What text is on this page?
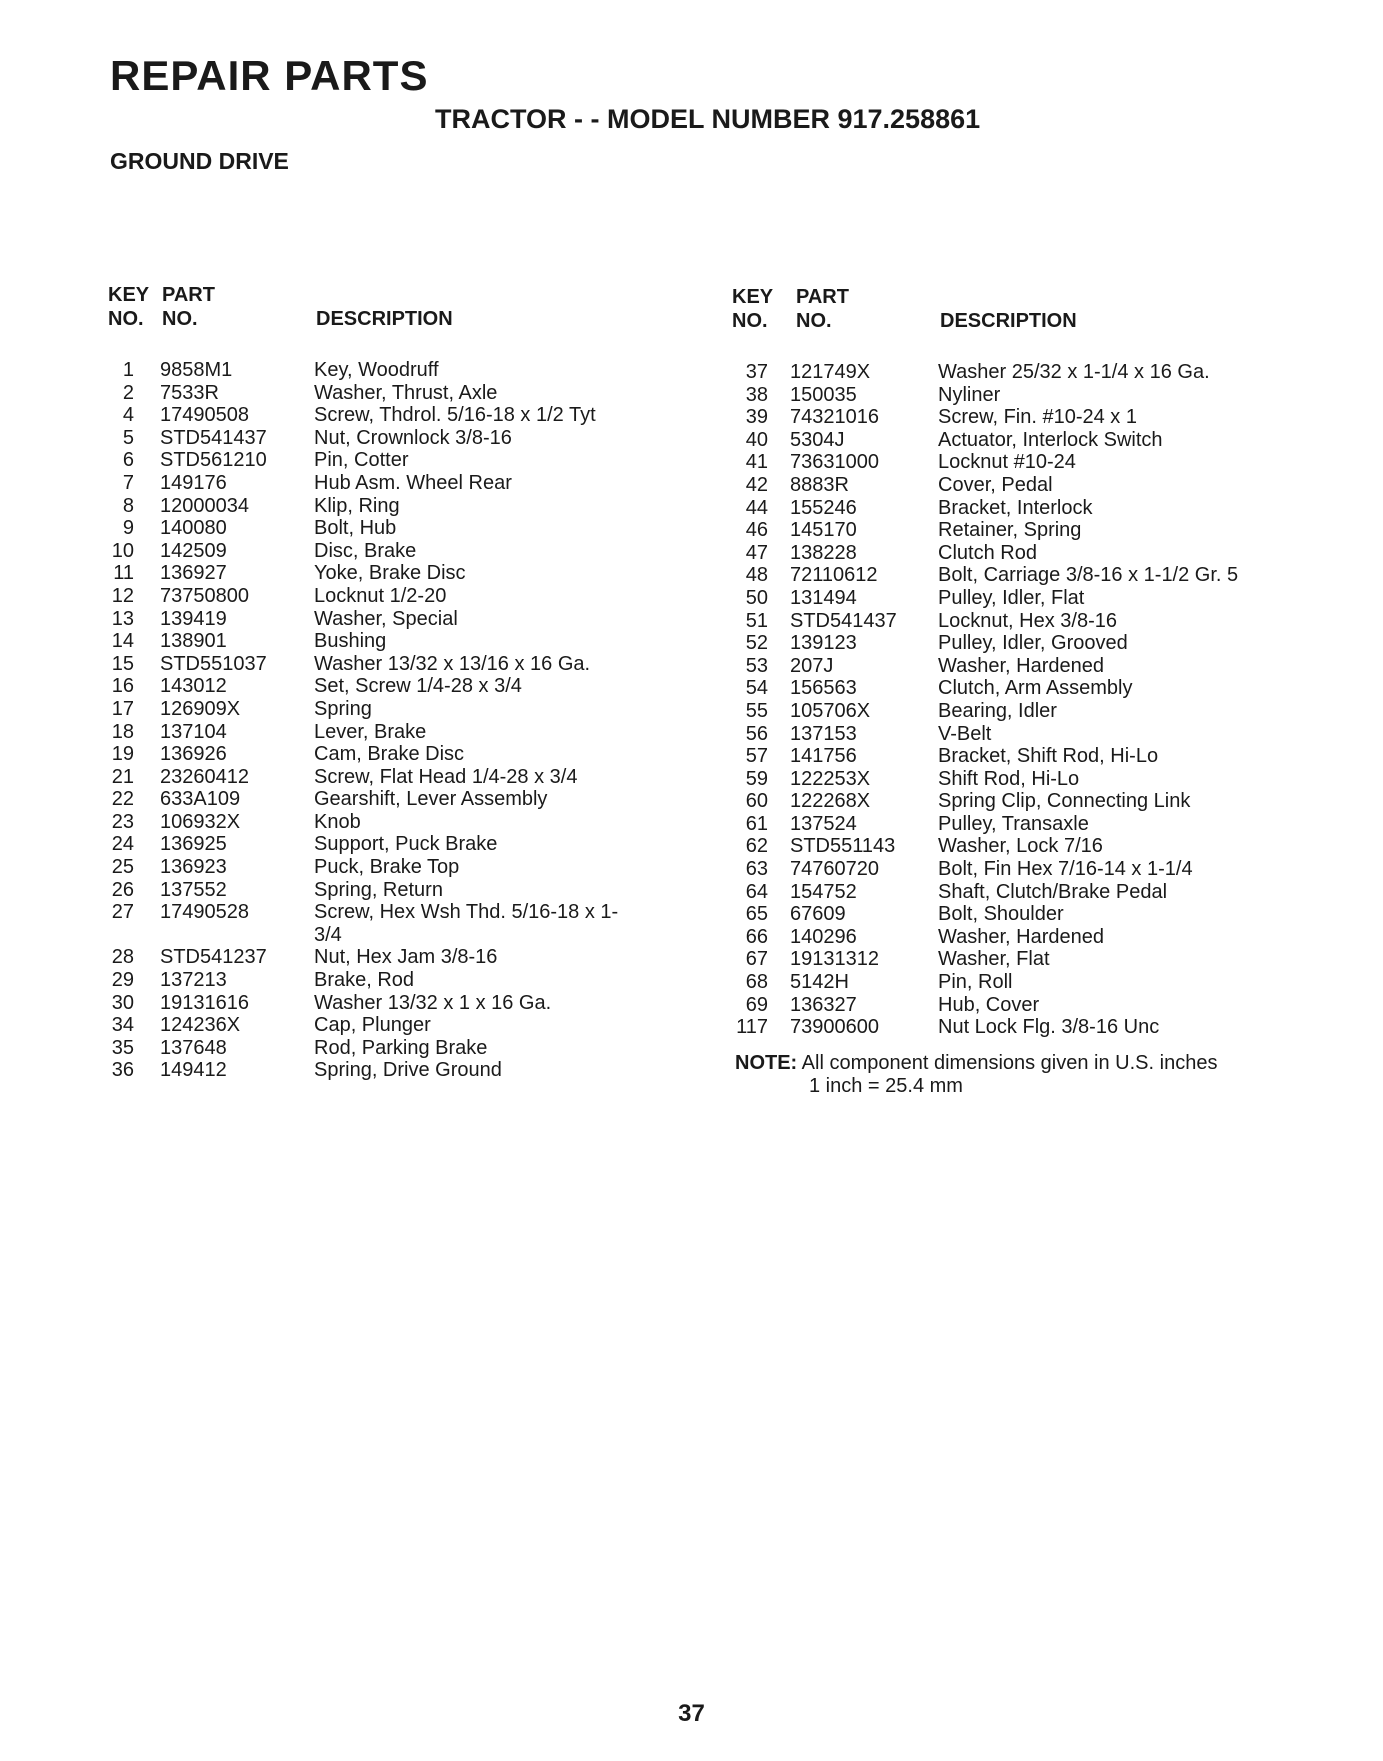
REPAIR PARTS
TRACTOR - - MODEL NUMBER 917.258861
GROUND DRIVE
KEY
NO.
PART
NO.	DESCRIPTION
1 9858M1	Key, Woodruff
2 7533R	Washer, Thrust, Axle
4 17490508	Screw, Thdrol. 5/16-18 x 1/2 Tyt
5 STD541437 Nut, Crownlock 3/8-16
6 STD561210 Pin, Cotter
7 149176	Hub Asm. Wheel Rear
8 12000034	Klip, Ring
9 140080	Bolt, Hub
10 142509	Disc, Brake
11 136927	Yoke, Brake Disc
12 73750800	Locknut 1/2-20
13 139419	Washer, Special
14 138901	Bushing
15 STD551037 Washer 13/32 x 13/16 x 16 Ga.
16 143012	Set, Screw 1/4-28 x 3/4
17 126909X	Spring
18 137104	Lever, Brake
19 136926	Cam, Brake Disc
21 23260412	Screw, Flat Head 1/4-28 x 3/4
22 633A109	Gearshift, Lever Assembly
23 106932X	Knob
24 136925	Support, Puck Brake
25 136923	Puck, Brake Top
26 137552	Spring, Return
27 17490528	Screw, Hex Wsh Thd. 5/16-18 x 1-
3/4
28 STD541237 Nut, Hex Jam 3/8-16
29 137213	Brake, Rod
30 19131616	Washer 13/32 x 1 x 16 Ga.
34 124236X	Cap, Plunger
35 137648	Rod, Parking Brake
36 149412	Spring, Drive Ground
KEY
NO.
PART
NO.	DESCRIPTION
37 121749X	Washer 25/32 x 1-1/4 x 16 Ga.
38 150035	Nyliner
39 74321016	Screw, Fin. #10-24 x 1
40 5304J	Actuator, Interlock Switch
41 73631000	Locknut #10-24
42 8883R	Cover, Pedal
44 155246	Bracket, Interlock
46 145170	Retainer, Spring
47 138228	Clutch Rod
48 72110612	Bolt, Carriage 3/8-16 x 1-1/2 Gr. 5
50 131494	Pulley, Idler, Flat
51 STD541437 Locknut, Hex 3/8-16
52 139123	Pulley, Idler, Grooved
53 207J	Washer, Hardened
54 156563	Clutch, Arm Assembly
55 105706X	Bearing, Idler
56 137153	V-Belt
57 141756	Bracket, Shift Rod, Hi-Lo
59 122253X	Shift Rod, Hi-Lo
60 122268X	Spring Clip, Connecting Link
61 137524	Pulley, Transaxle
62 STD551143 Washer, Lock 7/16
63 74760720	Bolt, Fin Hex 7/16-14 x 1-1/4
64 154752	Shaft, Clutch/Brake Pedal
65 67609	Bolt, Shoulder
66 140296	Washer, Hardened
67 19131312	Washer, Flat
68 5142H	Pin, Roll
69 136327	Hub, Cover
117 73900600	Nut Lock Flg. 3/8-16 Unc
NOTE: All component dimensions given in U.S. inches
1 inch = 25.4 mm
37
